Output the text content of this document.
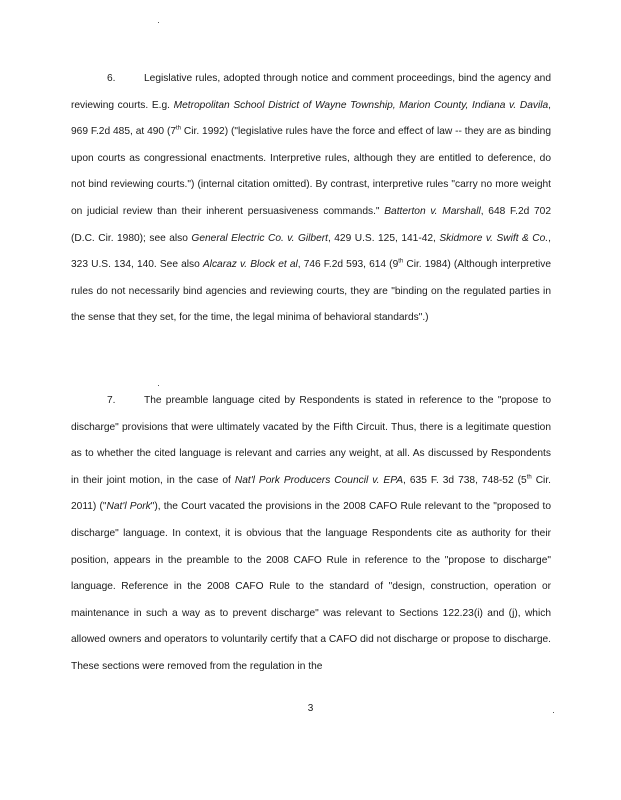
6.	Legislative rules, adopted through notice and comment proceedings, bind the agency and reviewing courts. E.g. Metropolitan School District of Wayne Township, Marion County, Indiana v. Davila, 969 F.2d 485, at 490 (7th Cir. 1992) ("legislative rules have the force and effect of law -- they are as binding upon courts as congressional enactments. Interpretive rules, although they are entitled to deference, do not bind reviewing courts.") (internal citation omitted). By contrast, interpretive rules "carry no more weight on judicial review than their inherent persuasiveness commands." Batterton v. Marshall, 648 F.2d 702 (D.C. Cir. 1980); see also General Electric Co. v. Gilbert, 429 U.S. 125, 141-42, Skidmore v. Swift & Co., 323 U.S. 134, 140. See also Alcaraz v. Block et al, 746 F.2d 593, 614 (9th Cir. 1984) (Although interpretive rules do not necessarily bind agencies and reviewing courts, they are "binding on the regulated parties in the sense that they set, for the time, the legal minima of behavioral standards".)

7.	The preamble language cited by Respondents is stated in reference to the "propose to discharge" provisions that were ultimately vacated by the Fifth Circuit. Thus, there is a legitimate question as to whether the cited language is relevant and carries any weight, at all. As discussed by Respondents in their joint motion, in the case of Nat'l Pork Producers Council v. EPA, 635 F. 3d 738, 748-52 (5th Cir. 2011) ("Nat'l Pork"), the Court vacated the provisions in the 2008 CAFO Rule relevant to the "proposed to discharge" language. In context, it is obvious that the language Respondents cite as authority for their position, appears in the preamble to the 2008 CAFO Rule in reference to the "propose to discharge" language. Reference in the 2008 CAFO Rule to the standard of "design, construction, operation or maintenance in such a way as to prevent discharge" was relevant to Sections 122.23(i) and (j), which allowed owners and operators to voluntarily certify that a CAFO did not discharge or propose to discharge. These sections were removed from the regulation in the

3
